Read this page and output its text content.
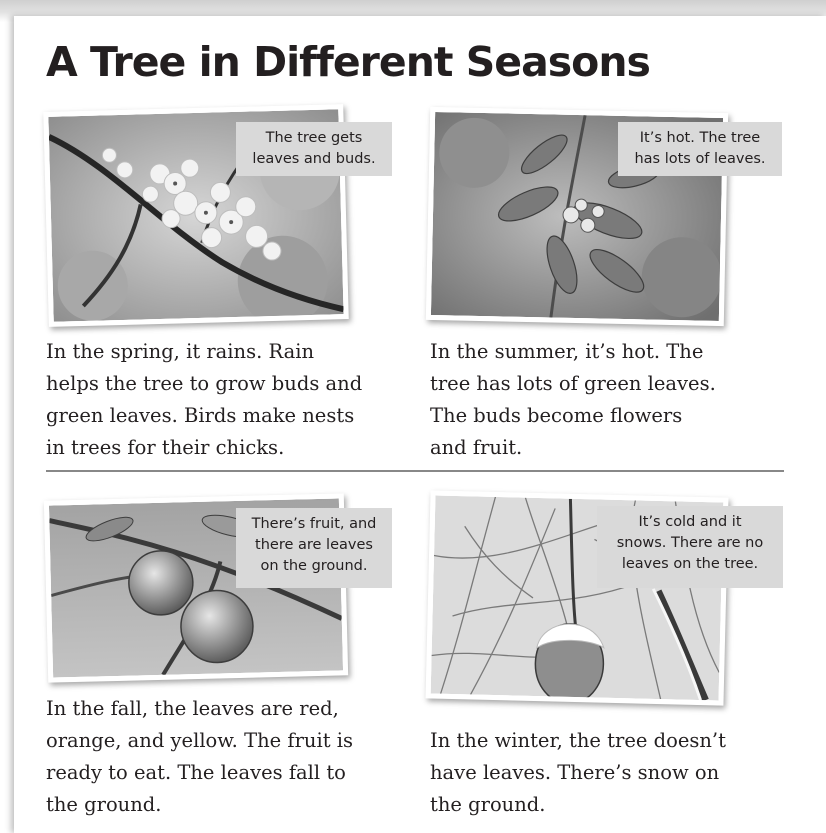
A Tree in Different Seasons
The tree gets
leaves and buds.

In the spring, it rains. Rain
helps the tree to grow buds and
green leaves. Birds make nests
in trees for their chicks.

It’s hot. The tree
has lots of leaves.

In the summer, it’s hot. The
tree has lots of green leaves.
The buds become flowers
and fruit.

There’s fruit, and
there are leaves
on the ground.

In the fall, the leaves are red,
orange, and yellow. The fruit is
ready to eat. The leaves fall to
the ground.

It’s cold and it
snows. There are no
leaves on the tree.

In the winter, the tree doesn’t
have leaves. There’s snow on
the ground.
